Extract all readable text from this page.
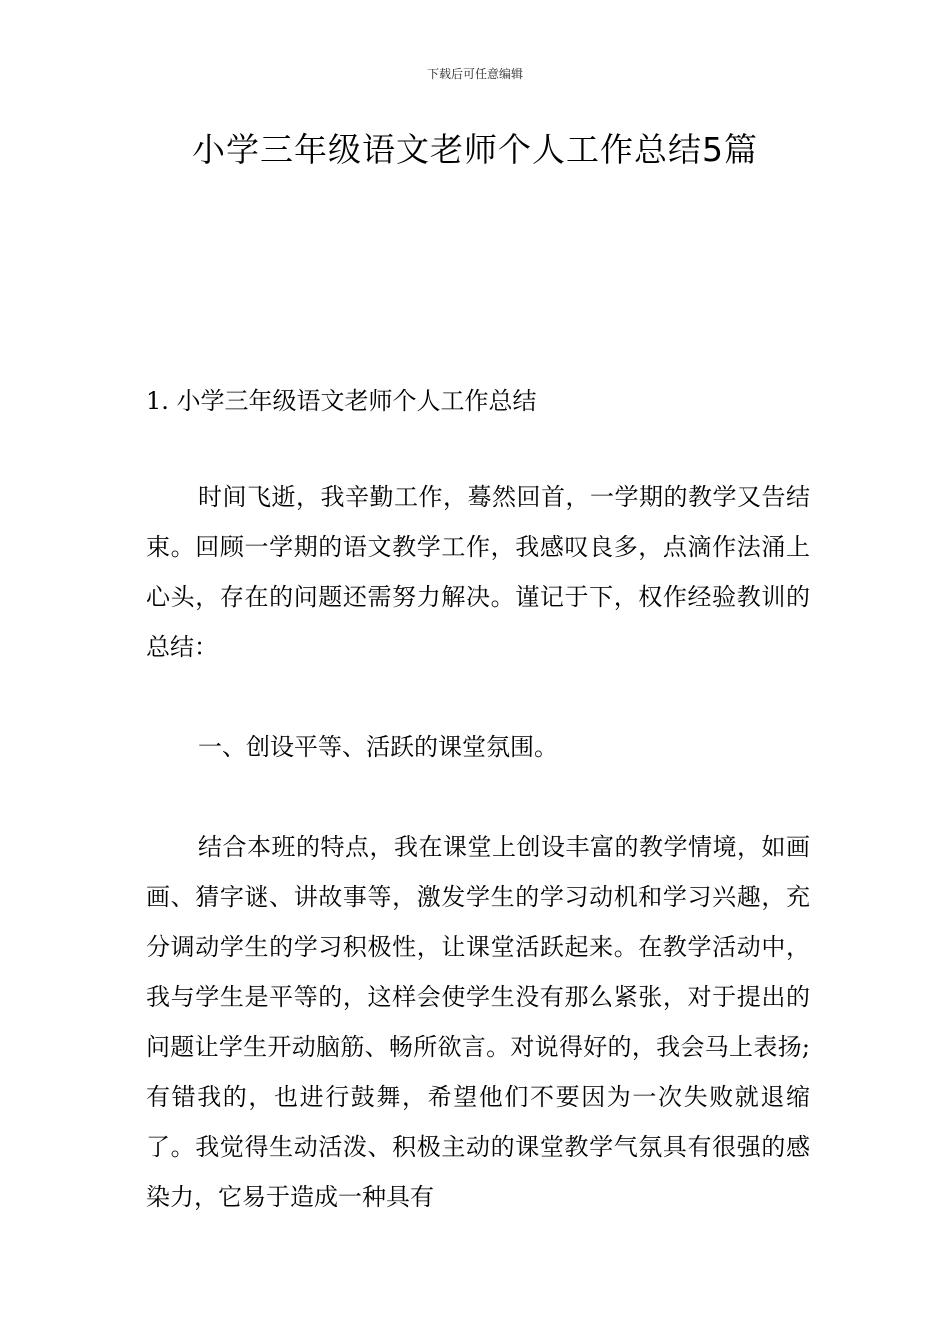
下载后可任意编辑
小学三年级语文老师个人工作总结5篇

1. 小学三年级语文老师个人工作总结

时间飞逝，我辛勤工作，蓦然回首，一学期的教学又告结束。回顾一学期的语文教学工作，我感叹良多，点滴作法涌上心头，存在的问题还需努力解决。谨记于下，权作经验教训的总结：

一、创设平等、活跃的课堂氛围。

结合本班的特点，我在课堂上创设丰富的教学情境，如画画、猜字谜、讲故事等，激发学生的学习动机和学习兴趣，充分调动学生的学习积极性，让课堂活跃起来。在教学活动中，我与学生是平等的，这样会使学生没有那么紧张，对于提出的问题让学生开动脑筋、畅所欲言。对说得好的，我会马上表扬;有错我的，也进行鼓舞，希望他们不要因为一次失败就退缩了。我觉得生动活泼、积极主动的课堂教学气氛具有很强的感染力，它易于造成一种具有
